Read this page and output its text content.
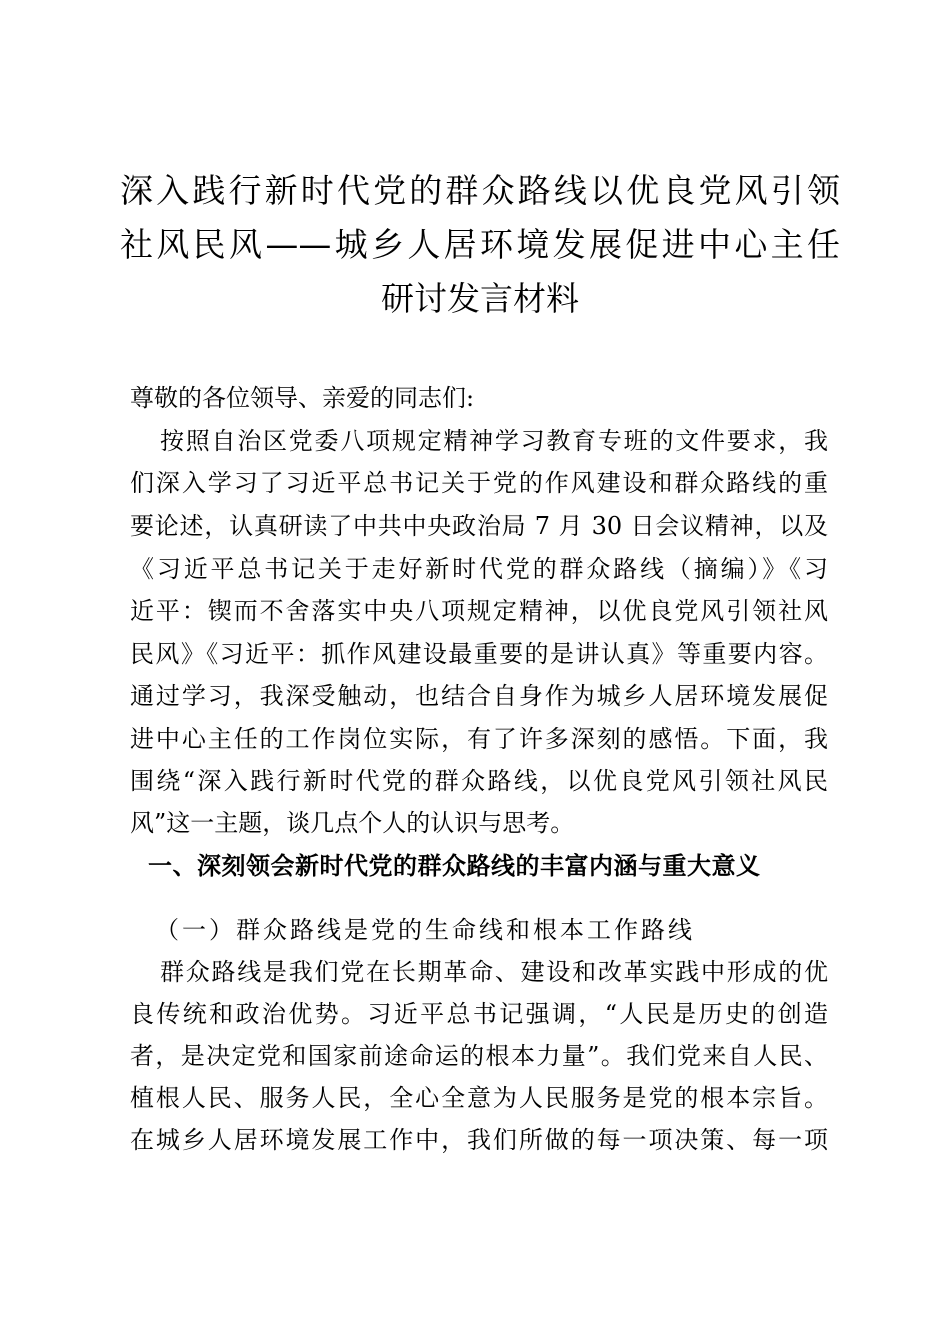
深入践行新时代党的群众路线以优良党风引领
社风民风——城乡人居环境发展促进中心主任
研讨发言材料
尊敬的各位领导、亲爱的同志们:
按照自治区党委八项规定精神学习教育专班的文件要求，我
们深入学习了习近平总书记关于党的作风建设和群众路线的重
要论述，认真研读了中共中央政治局 7 月 30 日会议精神，以及
《习近平总书记关于走好新时代党的群众路线（摘编）》《习
近平：锲而不舍落实中央八项规定精神，以优良党风引领社风
民风》《习近平：抓作风建设最重要的是讲认真》等重要内容。
通过学习，我深受触动，也结合自身作为城乡人居环境发展促
进中心主任的工作岗位实际，有了许多深刻的感悟。下面，我
围绕“深入践行新时代党的群众路线，以优良党风引领社风民
风”这一主题，谈几点个人的认识与思考。
一、深刻领会新时代党的群众路线的丰富内涵与重大意义
（一）群众路线是党的生命线和根本工作路线
群众路线是我们党在长期革命、建设和改革实践中形成的优
良传统和政治优势。习近平总书记强调，“人民是历史的创造
者，是决定党和国家前途命运的根本力量”。我们党来自人民、
植根人民、服务人民，全心全意为人民服务是党的根本宗旨。
在城乡人居环境发展工作中，我们所做的每一项决策、每一项
